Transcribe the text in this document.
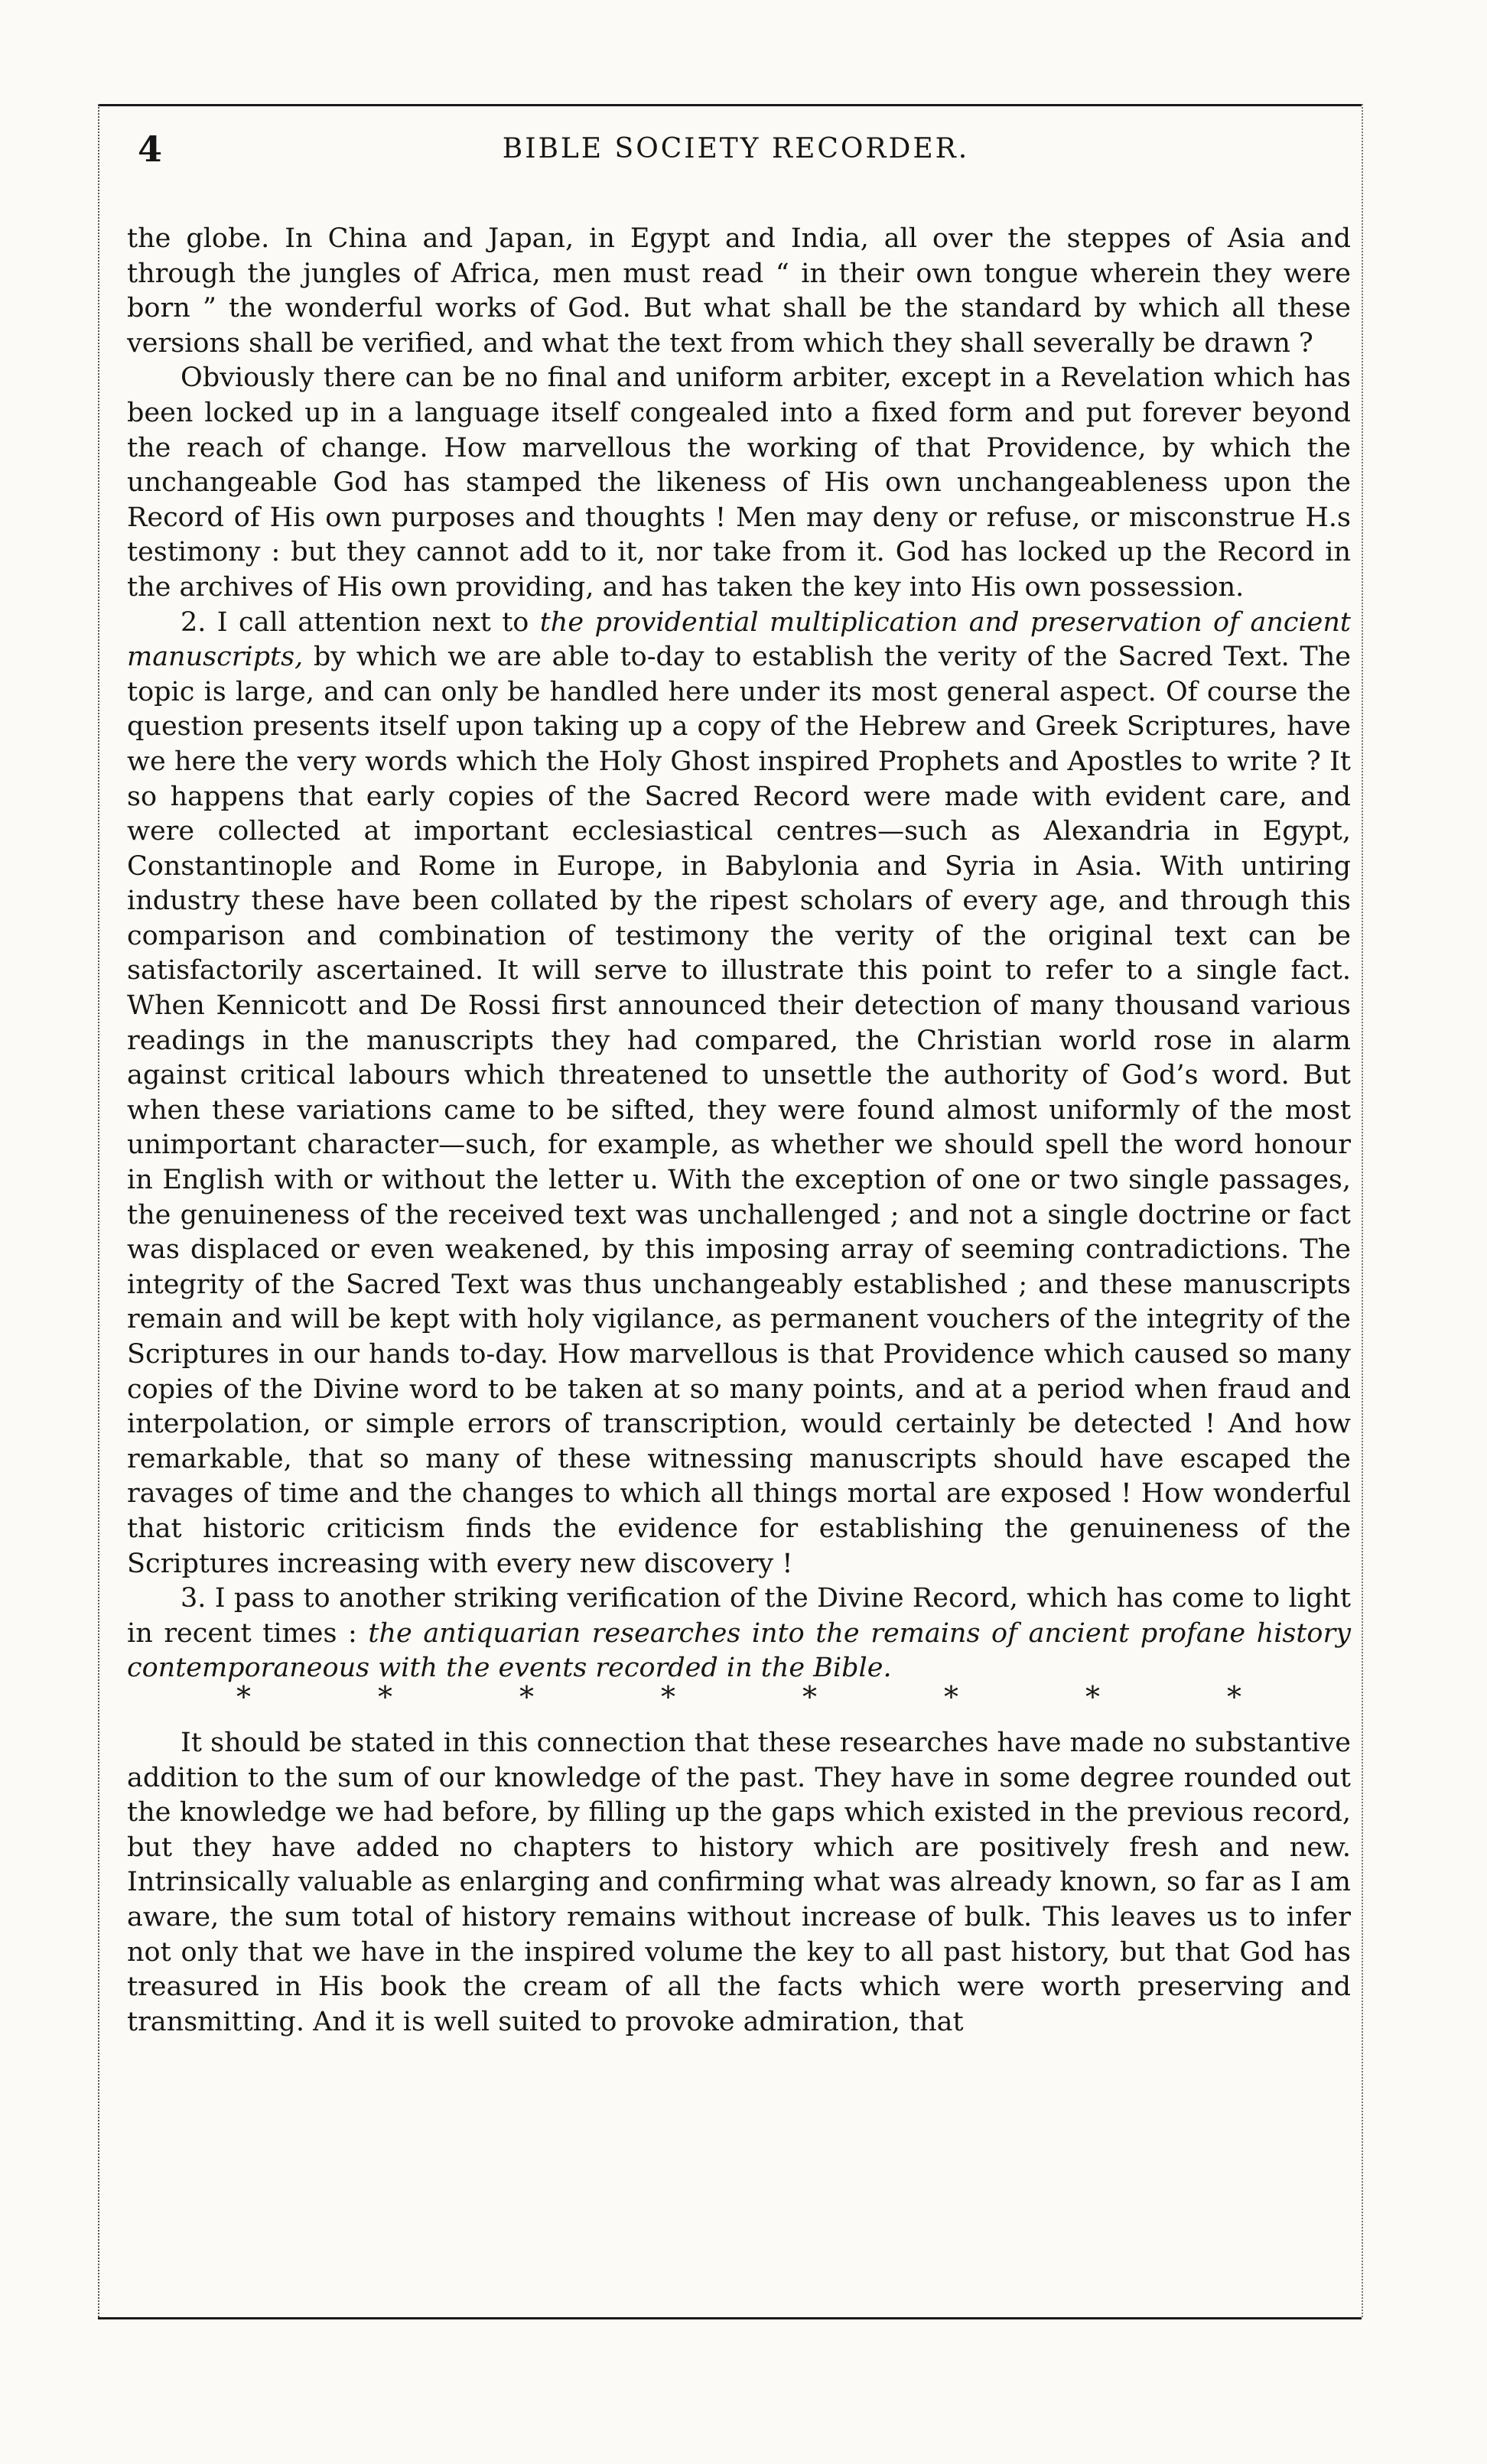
4	BIBLE SOCIETY RECORDER.

the globe. In China and Japan, in Egypt and India, all over the steppes of Asia and through the jungles of Africa, men must read “ in their own tongue wherein they were born ” the wonderful works of God. But what shall be the standard by which all these versions shall be verified, and what the text from which they shall severally be drawn ?

Obviously there can be no final and uniform arbiter, except in a Revelation which has been locked up in a language itself congealed into a fixed form and put forever beyond the reach of change. How marvellous the working of that Providence, by which the unchangeable God has stamped the likeness of His own unchangeableness upon the Record of His own purposes and thoughts ! Men may deny or refuse, or misconstrue H.s testimony : but they cannot add to it, nor take from it. God has locked up the Record in the archives of His own providing, and has taken the key into His own possession.

2. I call attention next to the providential multiplication and preservation of ancient manuscripts, by which we are able to-day to establish the verity of the Sacred Text. The topic is large, and can only be handled here under its most general aspect. Of course the question presents itself upon taking up a copy of the Hebrew and Greek Scriptures, have we here the very words which the Holy Ghost inspired Prophets and Apostles to write ? It so happens that early copies of the Sacred Record were made with evident care, and were collected at important ecclesiastical centres—such as Alexandria in Egypt, Constantinople and Rome in Europe, in Babylonia and Syria in Asia. With untiring industry these have been collated by the ripest scholars of every age, and through this comparison and combination of testimony the verity of the original text can be satisfactorily ascertained. It will serve to illustrate this point to refer to a single fact. When Kennicott and De Rossi first announced their detection of many thousand various readings in the manuscripts they had compared, the Christian world rose in alarm against critical labours which threatened to unsettle the authority of God’s word. But when these variations came to be sifted, they were found almost uniformly of the most unimportant character—such, for example, as whether we should spell the word honour in English with or without the letter u. With the exception of one or two single passages, the genuineness of the received text was unchallenged ; and not a single doctrine or fact was displaced or even weakened, by this imposing array of seeming contradictions. The integrity of the Sacred Text was thus unchangeably established ; and these manuscripts remain and will be kept with holy vigilance, as permanent vouchers of the integrity of the Scriptures in our hands to-day. How marvellous is that Providence which caused so many copies of the Divine word to be taken at so many points, and at a period when fraud and interpolation, or simple errors of transcription, would certainly be detected ! And how remarkable, that so many of these witnessing manuscripts should have escaped the ravages of time and the changes to which all things mortal are exposed ! How wonderful that historic criticism finds the evidence for establishing the genuineness of the Scriptures increasing with every new discovery !

3. I pass to another striking verification of the Divine Record, which has come to light in recent times : the antiquarian researches into the remains of ancient profane history contemporaneous with the events recorded in the Bible.

*	*	*	*	*	*	*	*

It should be stated in this connection that these researches have made no substantive addition to the sum of our knowledge of the past. They have in some degree rounded out the knowledge we had before, by filling up the gaps which existed in the previous record, but they have added no chapters to history which are positively fresh and new. Intrinsically valuable as enlarging and confirming what was already known, so far as I am aware, the sum total of history remains without increase of bulk. This leaves us to infer not only that we have in the inspired volume the key to all past history, but that God has treasured in His book the cream of all the facts which were worth preserving and transmitting. And it is well suited to provoke admiration, that
